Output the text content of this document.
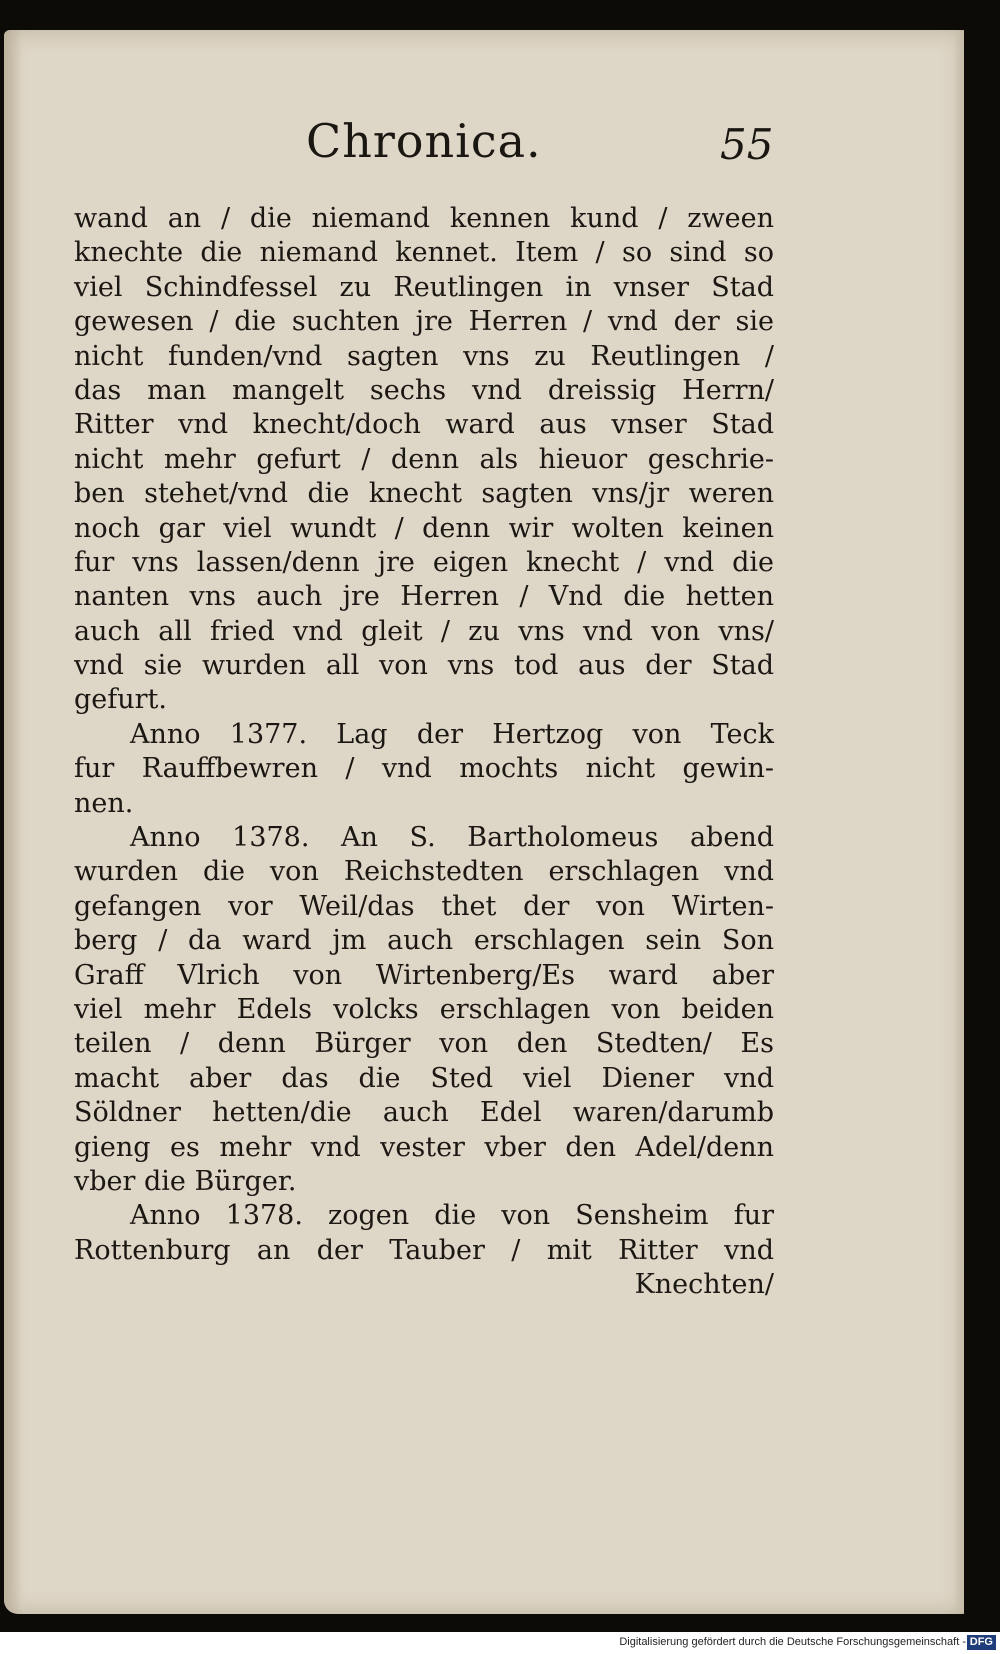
Chronica.	55
wand an / die niemand kennen kund / zween
knechte die niemand kennet. Item / so sind so
viel Schindfessel zu Reutlingen in vnser Stad
gewesen / die suchten jre Herren / vnd der sie
nicht funden/vnd sagten vns zu Reutlingen /
das man mangelt sechs vnd dreissig Herrn/
Ritter vnd knecht/doch ward aus vnser Stad
nicht mehr gefurt / denn als hieuor geschrie-
ben stehet/vnd die knecht sagten vns/jr weren
noch gar viel wundt / denn wir wolten keinen
fur vns lassen/denn jre eigen knecht / vnd die
nanten vns auch jre Herren / Vnd die hetten
auch all fried vnd gleit / zu vns vnd von vns/
vnd sie wurden all von vns tod aus der Stad
gefurt.
Anno 1377. Lag der Hertzog von Teck
fur Rauffbewren / vnd mochts nicht gewin-
nen.
Anno 1378. An S. Bartholomeus abend
wurden die von Reichstedten erschlagen vnd
gefangen vor Weil/das thet der von Wirten-
berg / da ward jm auch erschlagen sein Son
Graff Vlrich von Wirtenberg/Es ward aber
viel mehr Edels volcks erschlagen von beiden
teilen / denn Bürger von den Stedten/ Es
macht aber das die Sted viel Diener vnd
Söldner hetten/die auch Edel waren/darumb
gieng es mehr vnd vester vber den Adel/denn
vber die Bürger.
Anno 1378. zogen die von Sensheim fur
Rottenburg an der Tauber / mit Ritter vnd
Knechten/
Digitalisierung gefördert durch die Deutsche Forschungsgemeinschaft - DFG
